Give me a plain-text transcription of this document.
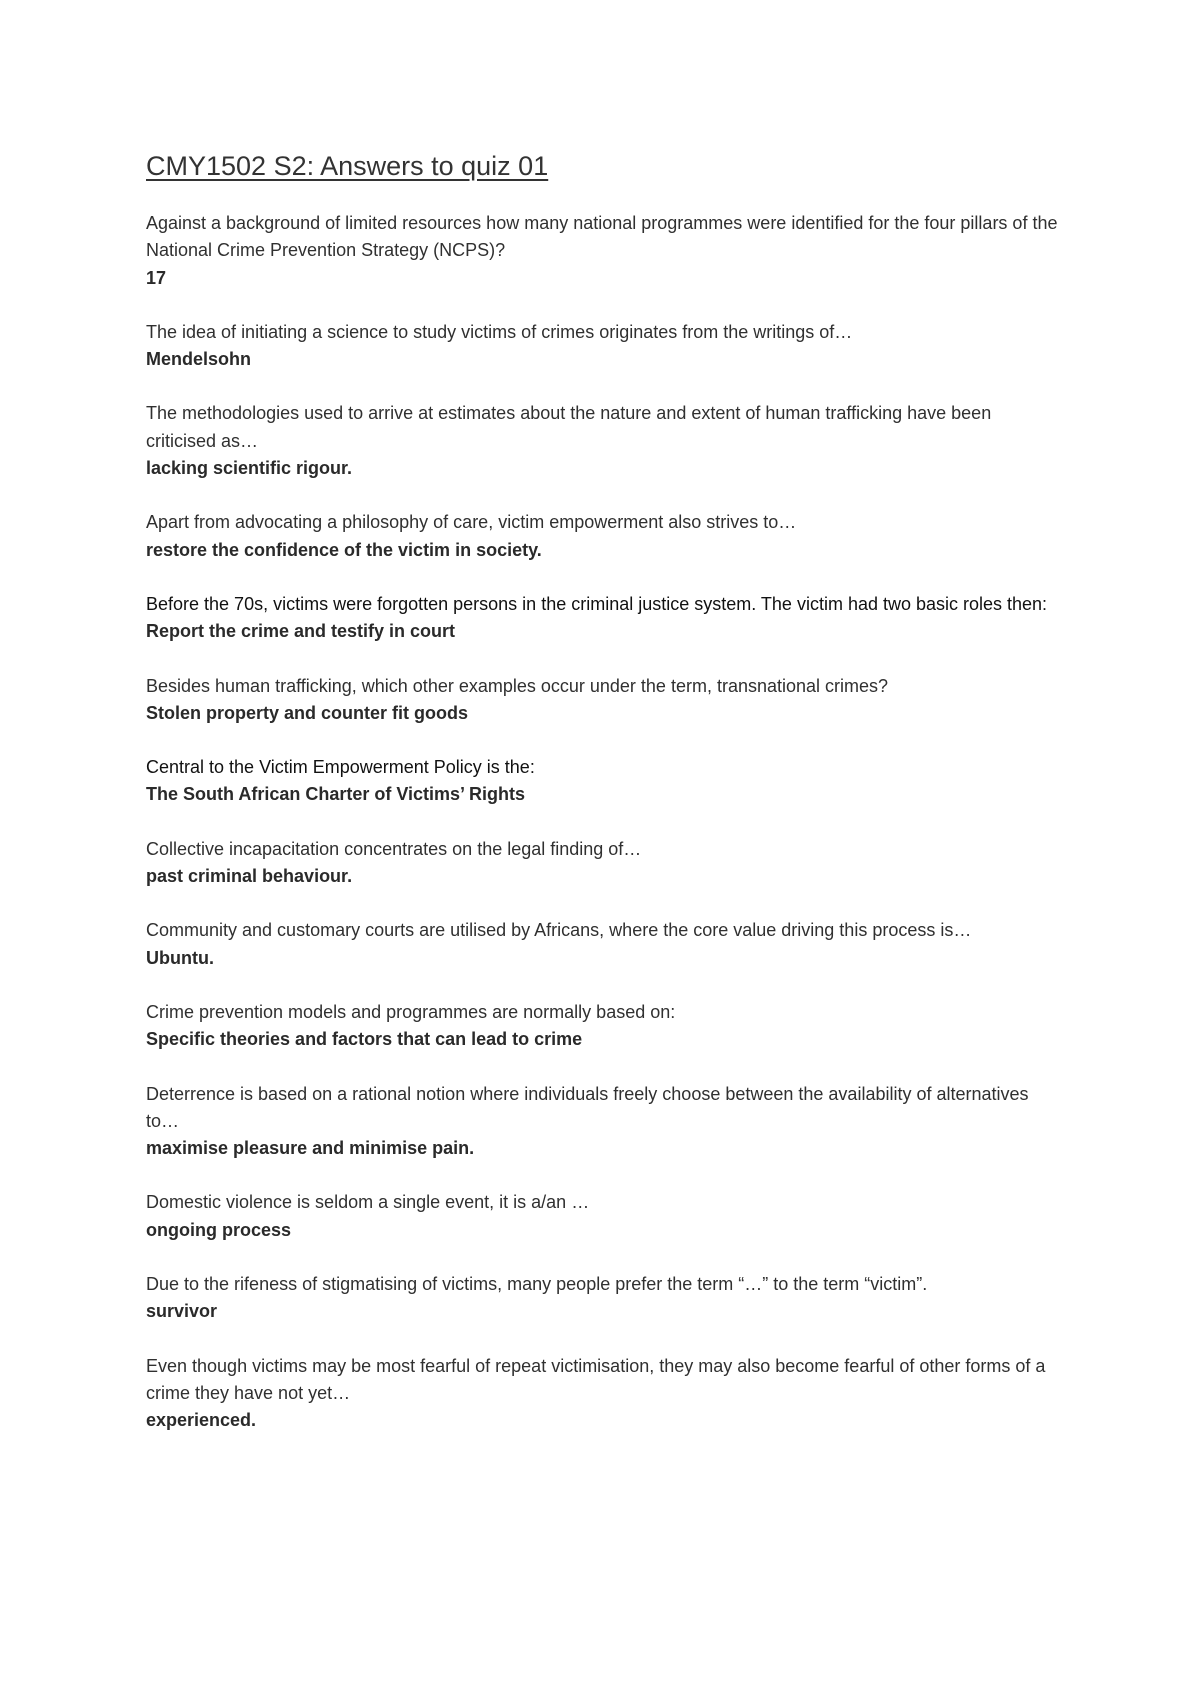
CMY1502 S2: Answers to quiz 01

Against a background of limited resources how many national programmes were identified for the four pillars of the National Crime Prevention Strategy (NCPS)?

17

The idea of initiating a science to study victims of crimes originates from the writings of…

Mendelsohn

The methodologies used to arrive at estimates about the nature and extent of human trafficking have been criticised as…

lacking scientific rigour.

Apart from advocating a philosophy of care, victim empowerment also strives to…

restore the confidence of the victim in society.

Before the 70s, victims were forgotten persons in the criminal justice system. The victim had two basic roles then:

Report the crime and testify in court

Besides human trafficking, which other examples occur under the term, transnational crimes?

Stolen property and counter fit goods

Central to the Victim Empowerment Policy is the:

The South African Charter of Victims’ Rights

Collective incapacitation concentrates on the legal finding of…

past criminal behaviour.

Community and customary courts are utilised by Africans, where the core value driving this process is…

Ubuntu.

Crime prevention models and programmes are normally based on:

Specific theories and factors that can lead to crime

Deterrence is based on a rational notion where individuals freely choose between the availability of alternatives to…

maximise pleasure and minimise pain.

Domestic violence is seldom a single event, it is a/an …

ongoing process

Due to the rifeness of stigmatising of victims, many people prefer the term “…” to the term “victim”.

survivor

Even though victims may be most fearful of repeat victimisation, they may also become fearful of other forms of a crime they have not yet…

experienced.
